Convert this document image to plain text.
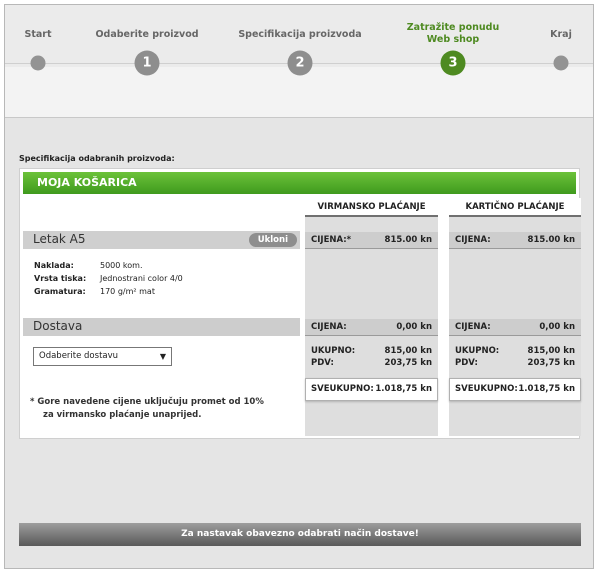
Start	Odaberite proizvod
1
Specifikacija proizvoda
2
Zatražite ponudu
Web shop
3
Kraj
Specifikacija odabranih proizvoda:
MOJA KOŠARICA
Letak A5	Ukloni
Naklada:	5000 kom.
Vrsta tiska: Jednostrani color 4/0
Gramatura: 170 g/m² mat
Dostava
Odaberite dostavu	▼
* Gore navedene cijene uključuju promet od 10%
za virmansko plaćanje unaprijed.
VIRMANSKO PLAĆANJE
CIJENA:*	815.00 kn
CIJENA:	0,00 kn
UKUPNO:	815,00 kn
PDV:	203,75 kn
SVEUKUPNO: 1.018,75 kn
KARTIČNO PLAĆANJE
CIJENA:	815.00 kn
CIJENA:	0,00 kn
UKUPNO:	815,00 kn
PDV:	203,75 kn
SVEUKUPNO: 1.018,75 kn
Za nastavak obavezno odabrati način dostave!
